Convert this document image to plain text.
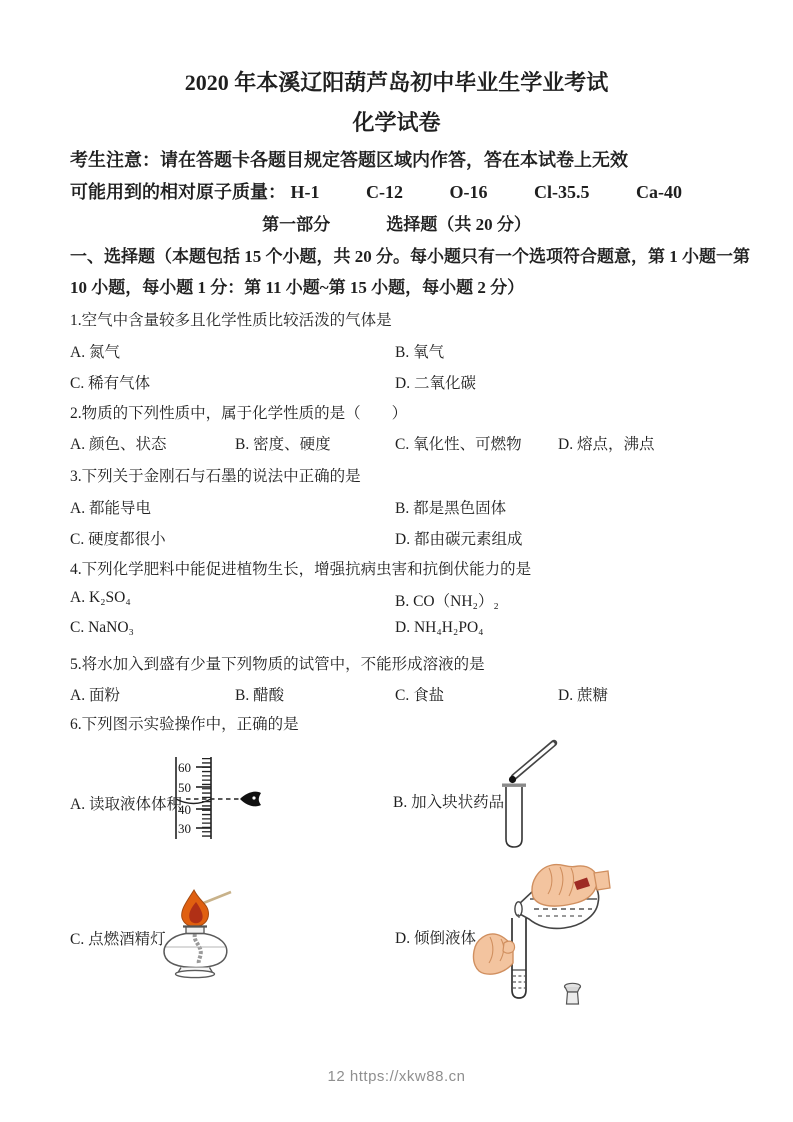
2020 年本溪辽阳葫芦岛初中毕业生学业考试
化学试卷
考生注意：请在答题卡各题目规定答题区域内作答，答在本试卷上无效
可能用到的相对原子质量： H-1	C-12	O-16	Cl-35.5	Ca-40
第一部分	选择题（共 20 分）
一、选择题（本题包括 15 个小题，共 20 分。每小题只有一个选项符合题意，第 1 小题一第
10 小题，每小题 1 分：第 11 小题~第 15 小题，每小题 2 分）
1.空气中含量较多且化学性质比较活泼的气体是
A. 氮气	B. 氧气
C. 稀有气体	D. 二氧化碳
2.物质的下列性质中，属于化学性质的是（　　）
A. 颜色、状态	B. 密度、硬度	C. 氧化性、可燃物 D. 熔点，沸点
3.下列关于金刚石与石墨的说法中正确的是
A. 都能导电	B. 都是黑色固体
C. 硬度都很小	D. 都由碳元素组成
4.下列化学肥料中能促进植物生长，增强抗病虫害和抗倒伏能力的是
A. K₂SO₄	B. CO（NH₂）₂
C. NaNO₃	D. NH₄H₂PO₄
5.将水加入到盛有少量下列物质的试管中，不能形成溶液的是
A. 面粉	B. 醋酸	C. 食盐	D. 蔗糖
6.下列图示实验操作中，正确的是
A. 读取液体体积
60
50
40
30
B. 加入块状药品
C. 点燃酒精灯	D. 倾倒液体
12 https://xkw88.cn
